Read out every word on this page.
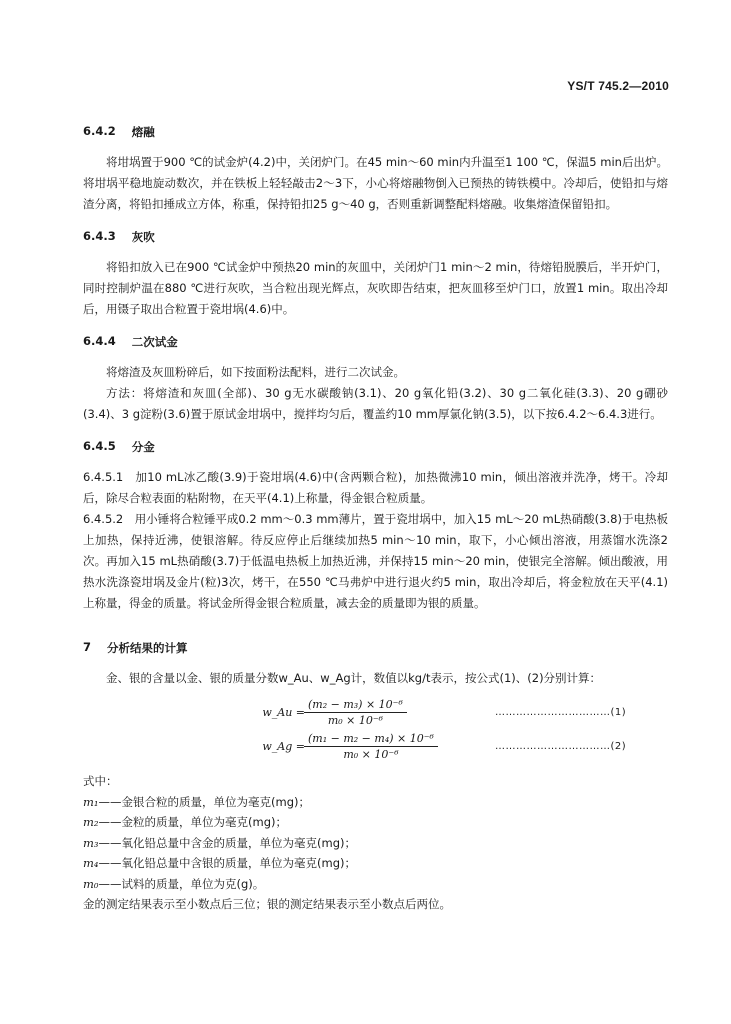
YS/T 745.2—2010
6.4.2 熔融

将坩埚置于900 ℃的试金炉(4.2)中，关闭炉门。在45 min～60 min内升温至1 100 ℃，保温5 min后出炉。将坩埚平稳地旋动数次，并在铁板上轻轻敲击2～3下，小心将熔融物倒入已预热的铸铁模中。冷却后，使铅扣与熔渣分离，将铅扣捶成立方体，称重，保持铅扣25 g～40 g，否则重新调整配料熔融。收集熔渣保留铅扣。

6.4.3 灰吹

将铅扣放入已在900 ℃试金炉中预热20 min的灰皿中，关闭炉门1 min～2 min，待熔铅脱膜后，半开炉门，同时控制炉温在880 ℃进行灰吹，当合粒出现光辉点，灰吹即告结束，把灰皿移至炉门口，放置1 min。取出冷却后，用镊子取出合粒置于瓷坩埚(4.6)中。

6.4.4 二次试金

将熔渣及灰皿粉碎后，如下按面粉法配料，进行二次试金。

方法：将熔渣和灰皿(全部)、30 g无水碳酸钠(3.1)、20 g氧化铅(3.2)、30 g二氧化硅(3.3)、20 g硼砂(3.4)、3 g淀粉(3.6)置于原试金坩埚中，搅拌均匀后，覆盖约10 mm厚氯化钠(3.5)，以下按6.4.2～6.4.3进行。

6.4.5 分金
6.4.5.1　加10 mL冰乙酸(3.9)于瓷坩埚(4.6)中(含两颗合粒)，加热微沸10 min，倾出溶液并洗净，烤干。冷却后，除尽合粒表面的粘附物，在天平(4.1)上称量，得金银合粒质量。
6.4.5.2　用小锤将合粒锤平成0.2 mm～0.3 mm薄片，置于瓷坩埚中，加入15 mL～20 mL热硝酸(3.8)于电热板上加热，保持近沸，使银溶解。待反应停止后继续加热5 min～10 min，取下，小心倾出溶液，用蒸馏水洗涤2次。再加入15 mL热硝酸(3.7)于低温电热板上加热近沸，并保持15 min～20 min，使银完全溶解。倾出酸液，用热水洗涤瓷坩埚及金片(粒)3次，烤干，在550 ℃马弗炉中进行退火约5 min，取出冷却后，将金粒放在天平(4.1)上称量，得金的质量。将试金所得金银合粒质量，减去金的质量即为银的质量。
7 分析结果的计算

金、银的含量以金、银的质量分数w_Au、w_Ag计，数值以kg/t表示，按公式(1)、(2)分别计算：

w_Au = $\frac{\text{(m₂ − m₃) × 10⁻⁶}}{\text{m₀ × 10⁻⁶}}$	……………………………(1)
w_Ag = $\frac{\text{(m₁ − m₂ − m₄) × 10⁻⁶}}{\text{m₀ × 10⁻⁶}}$	……………………………(2)
式中：
m₁ ——金银合粒的质量，单位为毫克(mg)；
m₂ ——金粒的质量，单位为毫克(mg)；
m₃ ——氧化铅总量中含金的质量，单位为毫克(mg)；
m₄ ——氧化铅总量中含银的质量，单位为毫克(mg)；
m₀ ——试料的质量，单位为克(g)。
金的测定结果表示至小数点后三位；银的测定结果表示至小数点后两位。
